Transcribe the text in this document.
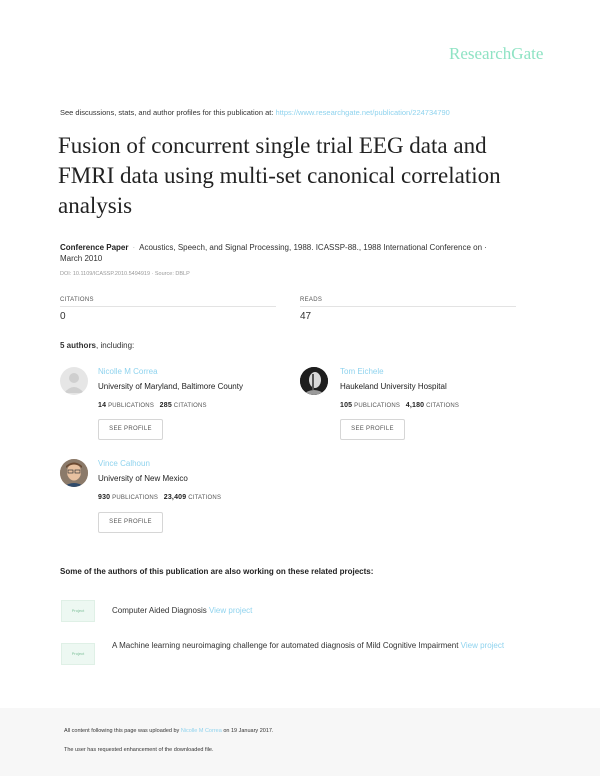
ResearchGate
See discussions, stats, and author profiles for this publication at: https://www.researchgate.net/publication/224734790
Fusion of concurrent single trial EEG data and FMRI data using multi-set canonical correlation analysis
Conference Paper · Acoustics, Speech, and Signal Processing, 1988. ICASSP-88., 1988 International Conference on ·
March 2010
DOI: 10.1109/ICASSP.2010.5494919 · Source: DBLP
CITATIONS
0
READS
47
5 authors, including:
Nicolle M Correa
University of Maryland, Baltimore County
14 PUBLICATIONS 285 CITATIONS
SEE PROFILE
Tom Eichele
Haukeland University Hospital
105 PUBLICATIONS 4,180 CITATIONS
SEE PROFILE
Vince Calhoun
University of New Mexico
930 PUBLICATIONS 23,409 CITATIONS
SEE PROFILE
Some of the authors of this publication are also working on these related projects:
Project	Computer Aided Diagnosis View project
Project
A Machine learning neuroimaging challenge for automated diagnosis of Mild Cognitive Impairment View project
All content following this page was uploaded by Nicolle M Correa on 19 January 2017.
The user has requested enhancement of the downloaded file.
